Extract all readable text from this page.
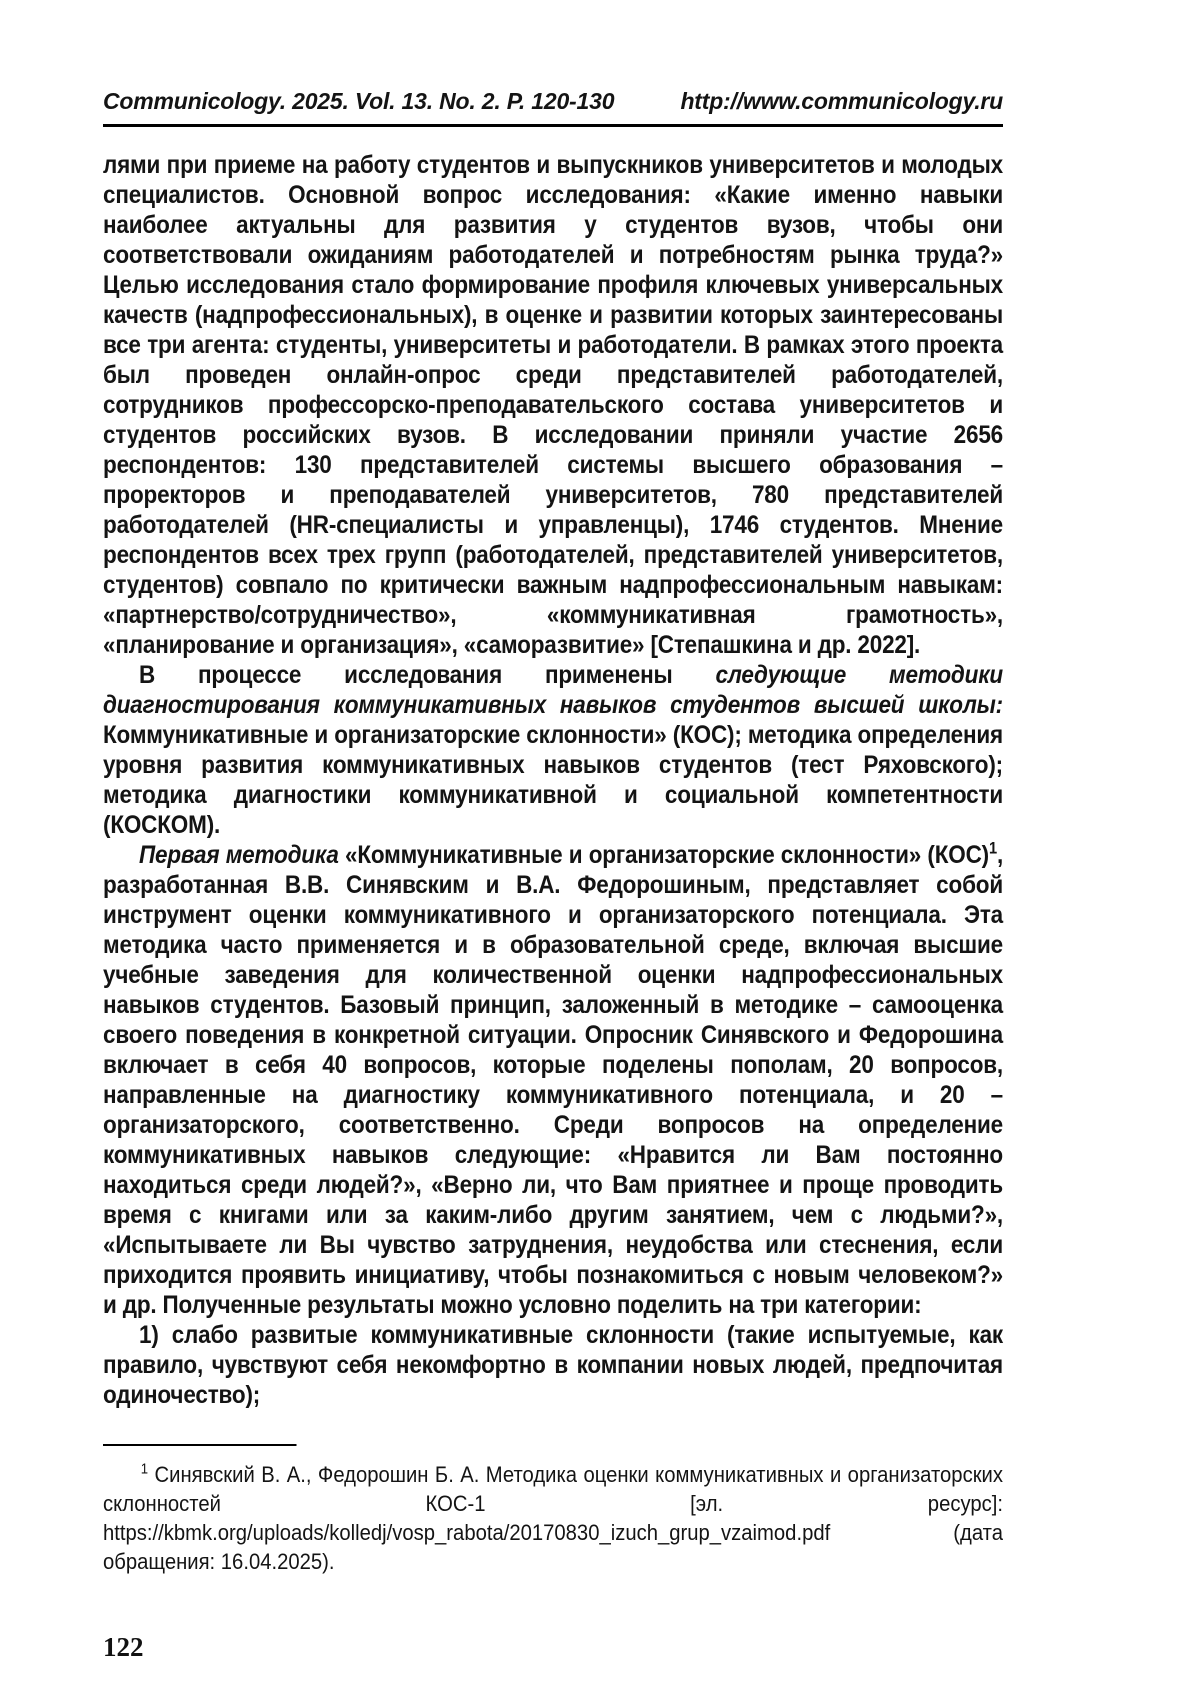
Communicology. 2025. Vol. 13. No. 2. P. 120-130	http://www.communicology.ru

лями при приеме на работу студентов и выпускников университетов и молодых специалистов. Основной вопрос исследования: «Какие именно навыки наиболее актуальны для развития у студентов вузов, чтобы они соответствовали ожиданиям работодателей и потребностям рынка труда?» Целью исследования стало формирование профиля ключевых универсальных качеств (надпрофессиональных), в оценке и развитии которых заинтересованы все три агента: студенты, университеты и работодатели. В рамках этого проекта был проведен онлайн-опрос среди представителей работодателей, сотрудников профессорско-преподавательского состава университетов и студентов российских вузов. В исследовании приняли участие 2656 респондентов: 130 представителей системы высшего образования – проректоров и преподавателей университетов, 780 представителей работодателей (HR-специалисты и управленцы), 1746 студентов. Мнение респондентов всех трех групп (работодателей, представителей университетов, студентов) совпало по критически важным надпрофессиональным навыкам: «партнерство/сотрудничество», «коммуникативная грамотность», «планирование и организация», «саморазвитие» [Степашкина и др. 2022].

В процессе исследования применены следующие методики диагностирования коммуникативных навыков студентов высшей школы: Коммуникативные и организаторские склонности» (КОС); методика определения уровня развития коммуникативных навыков студентов (тест Ряховского); методика диагностики коммуникативной и социальной компетентности (КОСКОМ).

Первая методика «Коммуникативные и организаторские склонности» (КОС)$^1$, разработанная В.В. Синявским и В.А. Федорошиным, представляет собой инструмент оценки коммуникативного и организаторского потенциала. Эта методика часто применяется и в образовательной среде, включая высшие учебные заведения для количественной оценки надпрофессиональных навыков студентов. Базовый принцип, заложенный в методике – самооценка своего поведения в конкретной ситуации. Опросник Синявского и Федорошина включает в себя 40 вопросов, которые поделены пополам, 20 вопросов, направленные на диагностику коммуникативного потенциала, и 20 – организаторского, соответственно. Среди вопросов на определение коммуникативных навыков следующие: «Нравится ли Вам постоянно находиться среди людей?», «Верно ли, что Вам приятнее и проще проводить время с книгами или за каким-либо другим занятием, чем с людьми?», «Испытываете ли Вы чувство затруднения, неудобства или стеснения, если приходится проявить инициативу, чтобы познакомиться с новым человеком?» и др. Полученные результаты можно условно поделить на три категории:

1) слабо развитые коммуникативные склонности (такие испытуемые, как правило, чувствуют себя некомфортно в компании новых людей, предпочитая одиночество);

$^1$ Синявский В. А., Федорошин Б. А. Методика оценки коммуникативных и организаторских склонностей КОС-1 [эл. ресурс]: https://kbmk.org/uploads/kolledj/vosp_rabota/20170830_izuch_grup_vzaimod.pdf (дата обращения: 16.04.2025).

122
